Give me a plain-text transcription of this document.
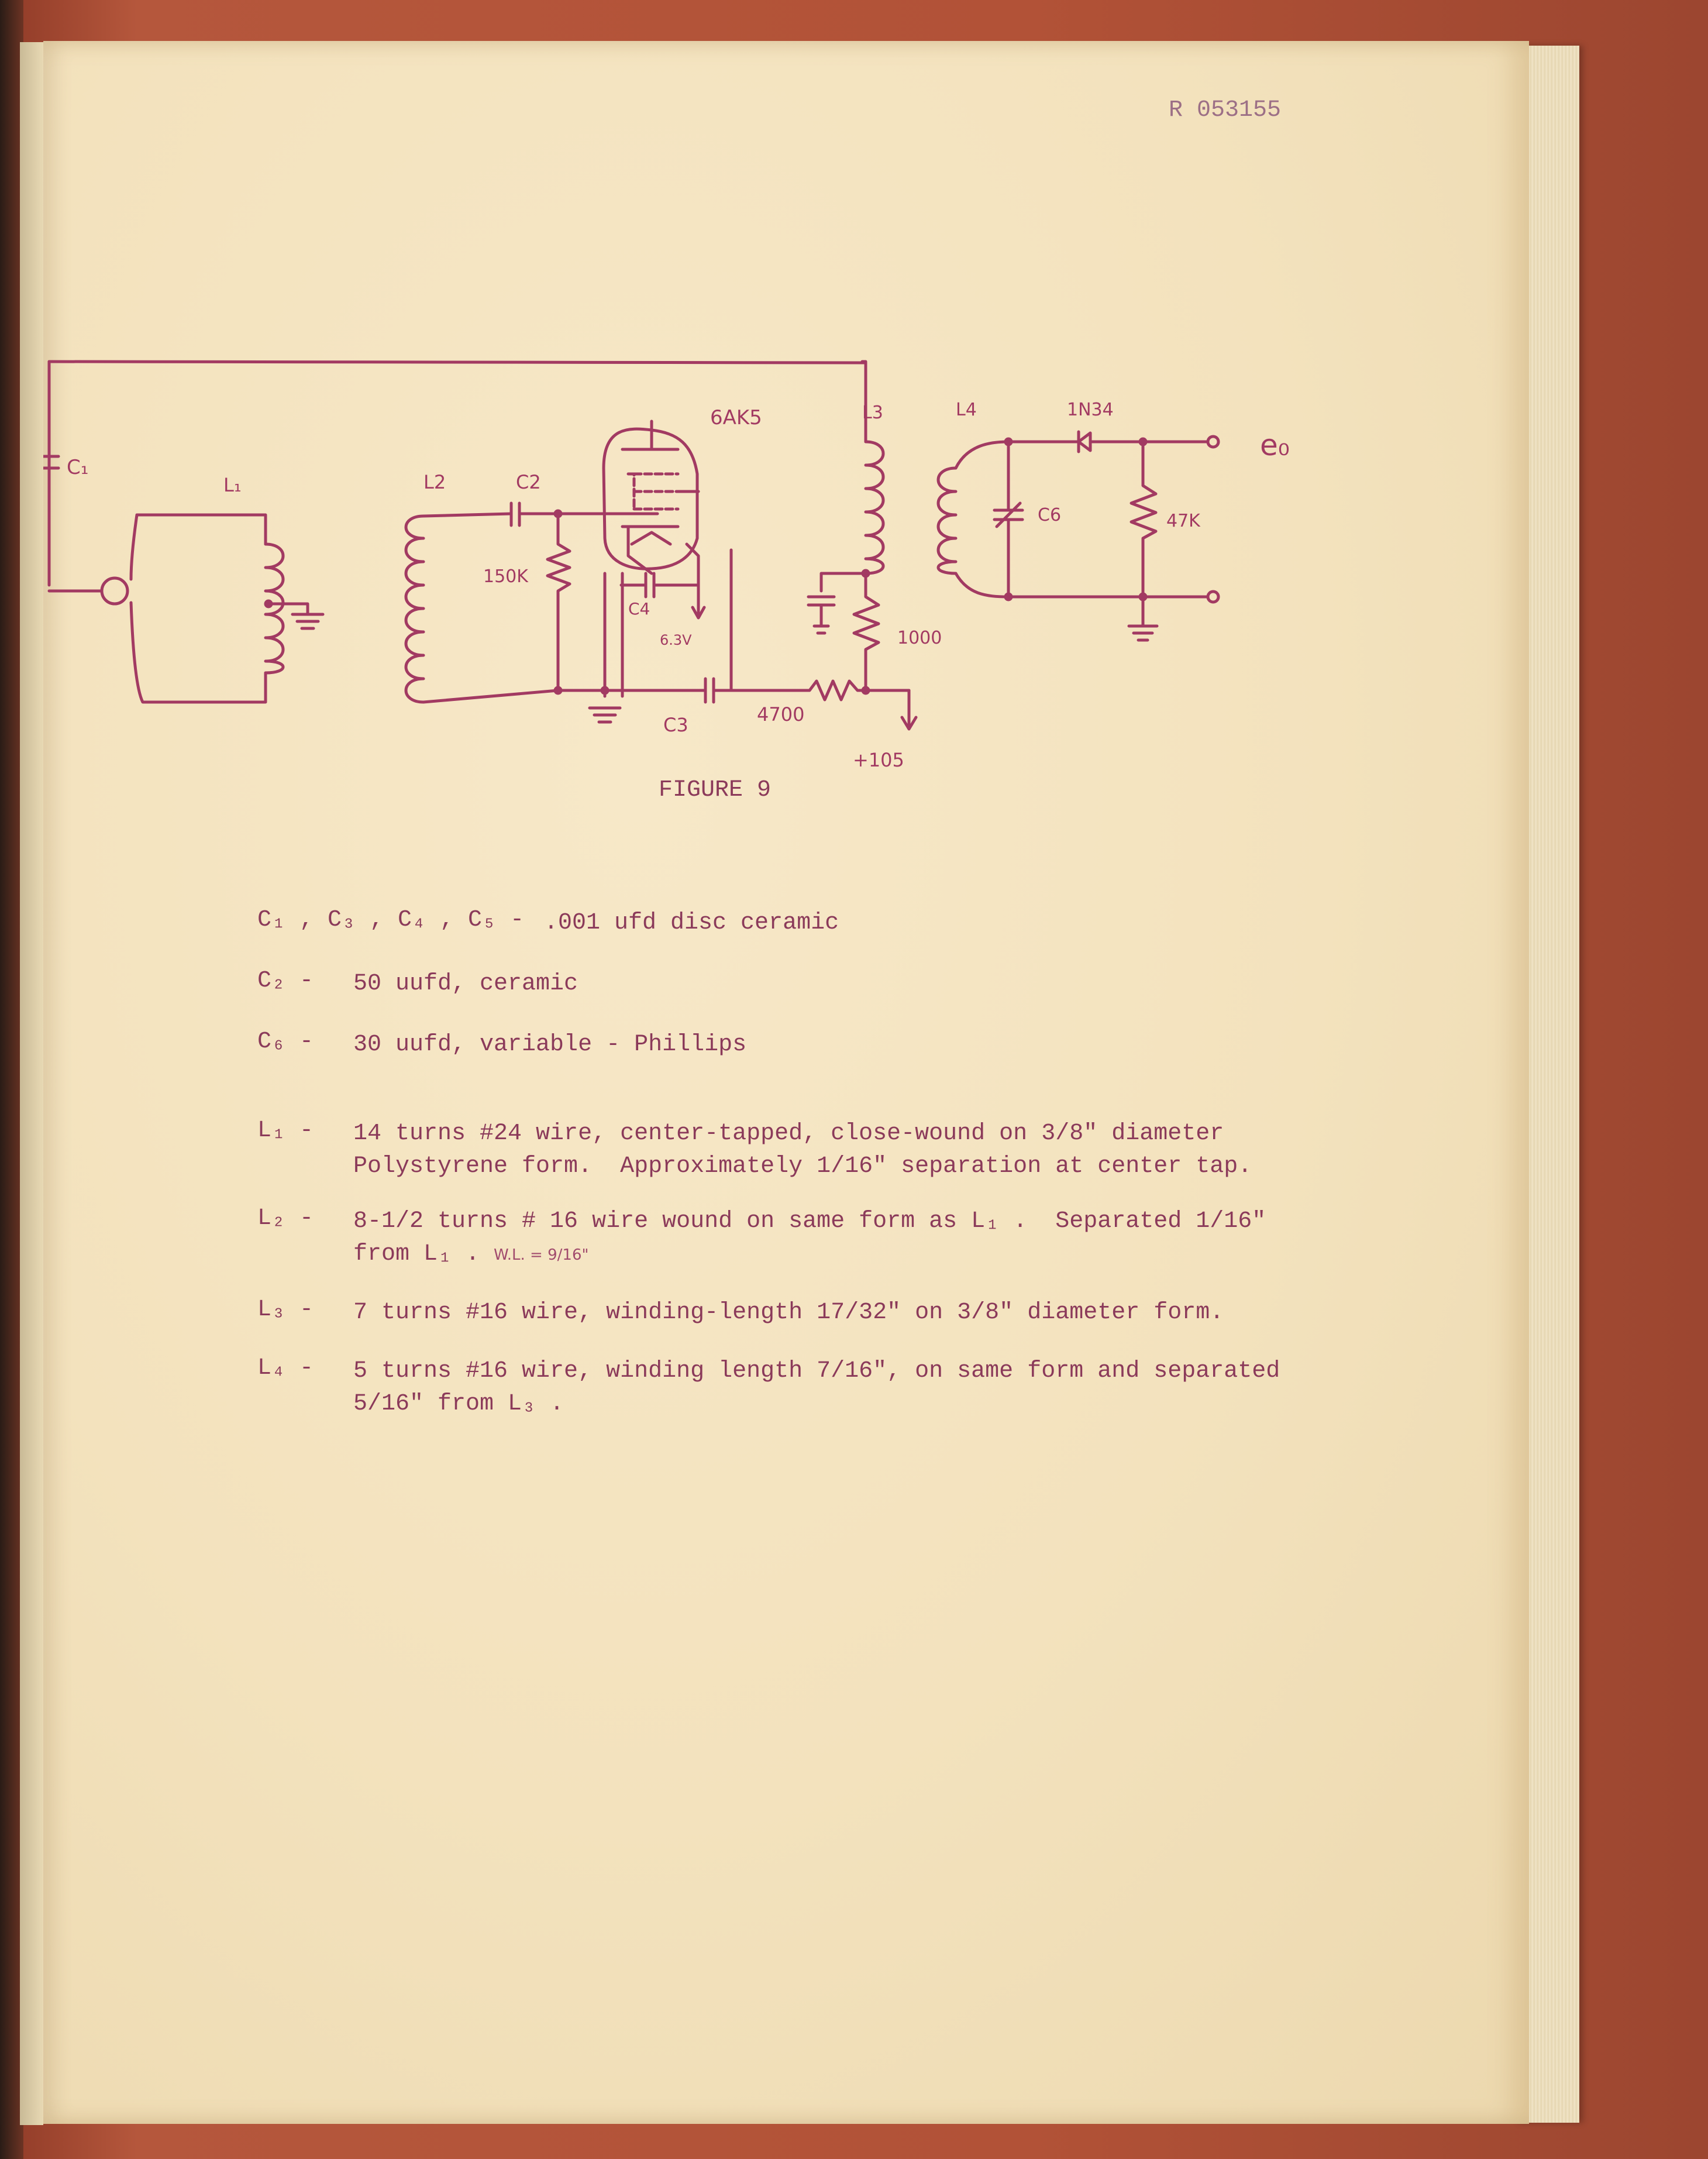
R 053155

C₁
L₁	L2	C2
6AK5
150K
C4
6.3V
C3	4700
+105
L3
1000
L4	1N34
C6	47K
e₀

FIGURE 9

C₁ , C₃ , C₄ , C₅ - .001 ufd disc ceramic
C₂ - 50 uufd, ceramic
C₆ - 30 uufd, variable - Phillips
L₁ - 14 turns #24 wire, center-tapped, close-wound on 3/8" diameter
Polystyrene form.  Approximately 1/16" separation at center tap.
L₂ - 8-1/2 turns # 16 wire wound on same form as L₁ .  Separated 1/16"
from L₁ . W.L. = 9/16"
L₃ - 7 turns #16 wire, winding-length 17/32" on 3/8" diameter form.
L₄ - 5 turns #16 wire, winding length 7/16", on same form and separated
5/16" from L₃ .
